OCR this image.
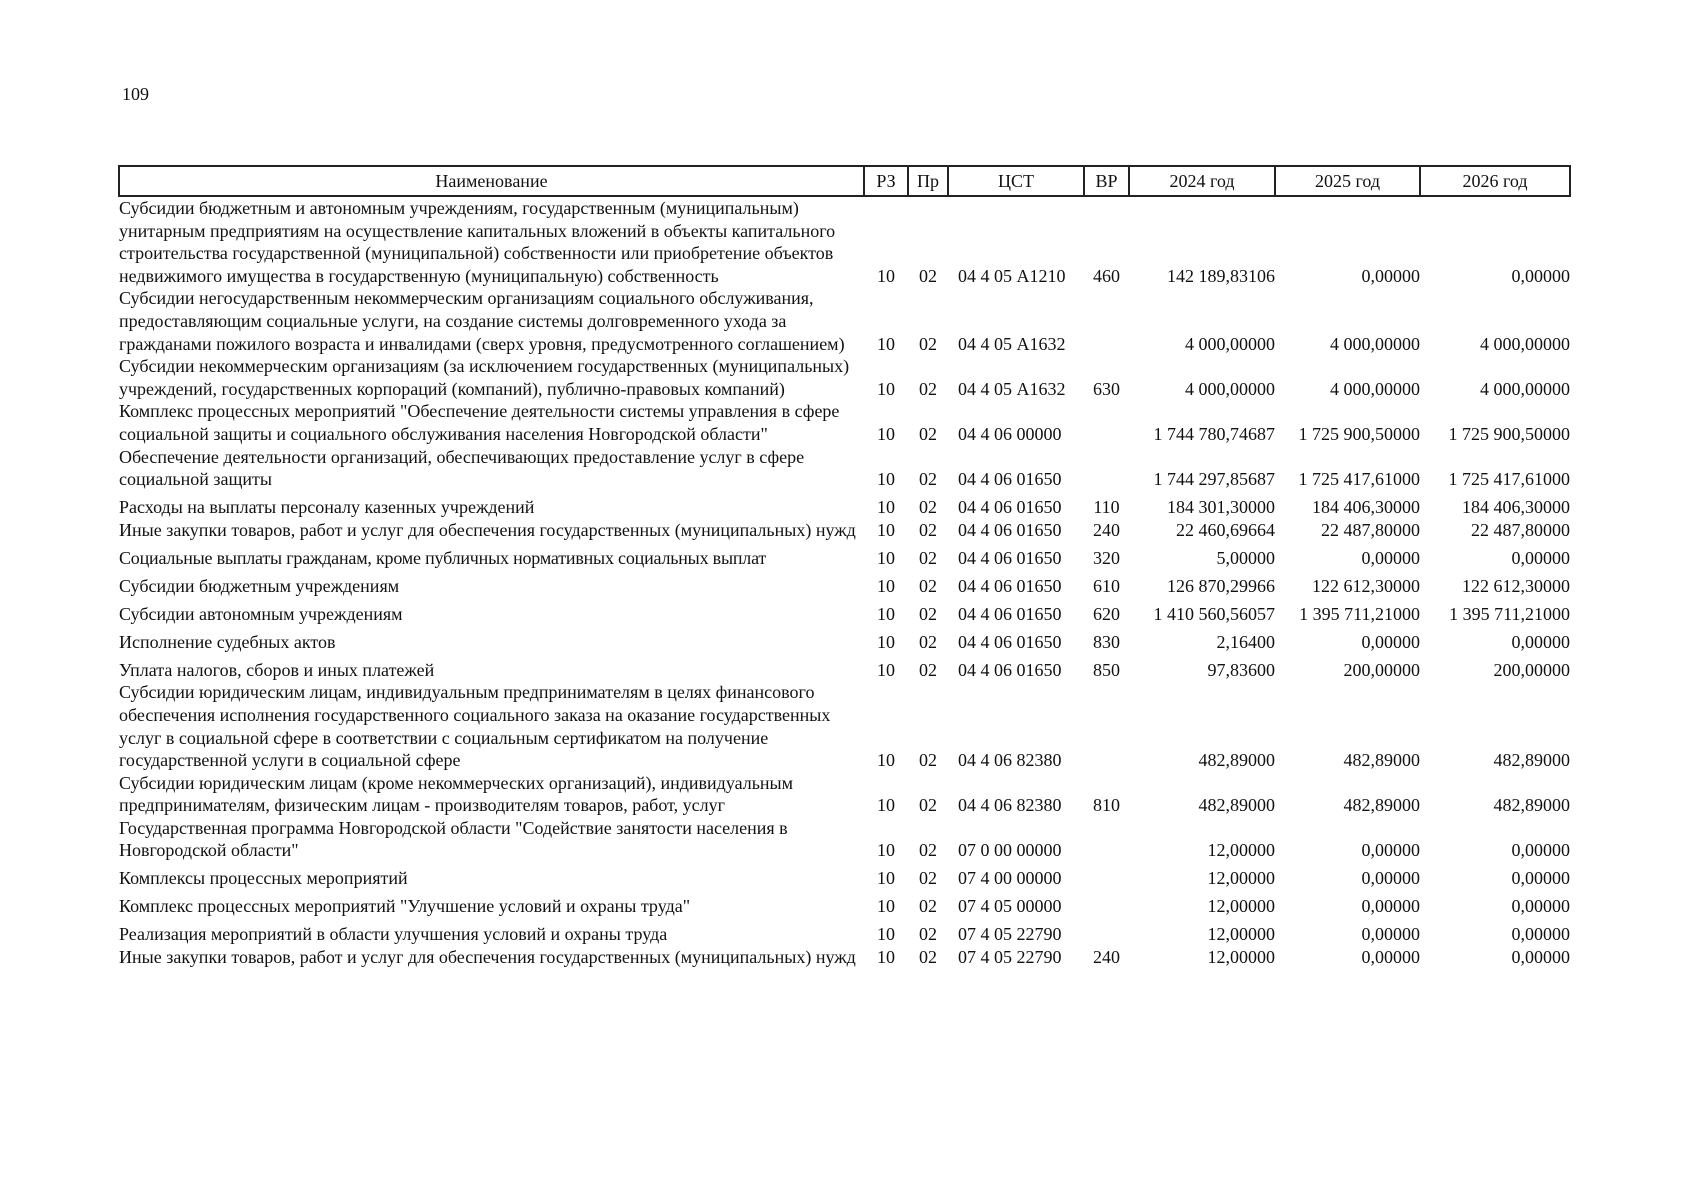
109
Наименование	РЗ	Пр	ЦСТ	ВР	2024 год	2025 год	2026 год
Субсидии бюджетным и автономным учреждениям, государственным (муниципальным) унитарным предприятиям на осуществление капитальных вложений в объекты капитального строительства государственной (муниципальной) собственности или приобретение объектов недвижимого имущества в государственную (муниципальную) собственность	10	02	04 4 05 А1210	460	142 189,83106	0,00000	0,00000
Субсидии негосударственным некоммерческим организациям социального обслуживания, предоставляющим социальные услуги, на создание системы долговременного ухода за гражданами пожилого возраста и инвалидами (сверх уровня, предусмотренного соглашением)	10	02	04 4 05 А1632		4 000,00000	4 000,00000	4 000,00000
Субсидии некоммерческим организациям (за исключением государственных (муниципальных) учреждений, государственных корпораций (компаний), публично-правовых компаний)	10	02	04 4 05 А1632	630	4 000,00000	4 000,00000	4 000,00000
Комплекс процессных мероприятий "Обеспечение деятельности системы управления в сфере социальной защиты и социального обслуживания населения Новгородской области"	10	02	04 4 06 00000		1 744 780,74687	1 725 900,50000	1 725 900,50000
Обеспечение деятельности организаций, обеспечивающих предоставление услуг в сфере социальной защиты	10	02	04 4 06 01650		1 744 297,85687	1 725 417,61000	1 725 417,61000
Расходы на выплаты персоналу казенных учреждений	10	02	04 4 06 01650	110	184 301,30000	184 406,30000	184 406,30000
Иные закупки товаров, работ и услуг для обеспечения государственных (муниципальных) нужд	10	02	04 4 06 01650	240	22 460,69664	22 487,80000	22 487,80000
Социальные выплаты гражданам, кроме публичных нормативных социальных выплат	10	02	04 4 06 01650	320	5,00000	0,00000	0,00000
Субсидии бюджетным учреждениям	10	02	04 4 06 01650	610	126 870,29966	122 612,30000	122 612,30000
Субсидии автономным учреждениям	10	02	04 4 06 01650	620	1 410 560,56057	1 395 711,21000	1 395 711,21000
Исполнение судебных актов	10	02	04 4 06 01650	830	2,16400	0,00000	0,00000
Уплата налогов, сборов и иных платежей	10	02	04 4 06 01650	850	97,83600	200,00000	200,00000
Субсидии юридическим лицам, индивидуальным предпринимателям в целях финансового обеспечения исполнения государственного социального заказа на оказание государственных услуг в социальной сфере в соответствии с социальным сертификатом на получение государственной услуги в социальной сфере	10	02	04 4 06 82380		482,89000	482,89000	482,89000
Субсидии юридическим лицам (кроме некоммерческих организаций), индивидуальным предпринимателям, физическим лицам - производителям товаров, работ, услуг	10	02	04 4 06 82380	810	482,89000	482,89000	482,89000
Государственная программа Новгородской области "Содействие занятости населения в Новгородской области"	10	02	07 0 00 00000		12,00000	0,00000	0,00000
Комплексы процессных мероприятий	10	02	07 4 00 00000		12,00000	0,00000	0,00000
Комплекс процессных мероприятий "Улучшение условий и охраны труда"	10	02	07 4 05 00000		12,00000	0,00000	0,00000
Реализация мероприятий в области улучшения условий и охраны труда	10	02	07 4 05 22790		12,00000	0,00000	0,00000
Иные закупки товаров, работ и услуг для обеспечения государственных (муниципальных) нужд	10	02	07 4 05 22790	240	12,00000	0,00000	0,00000
